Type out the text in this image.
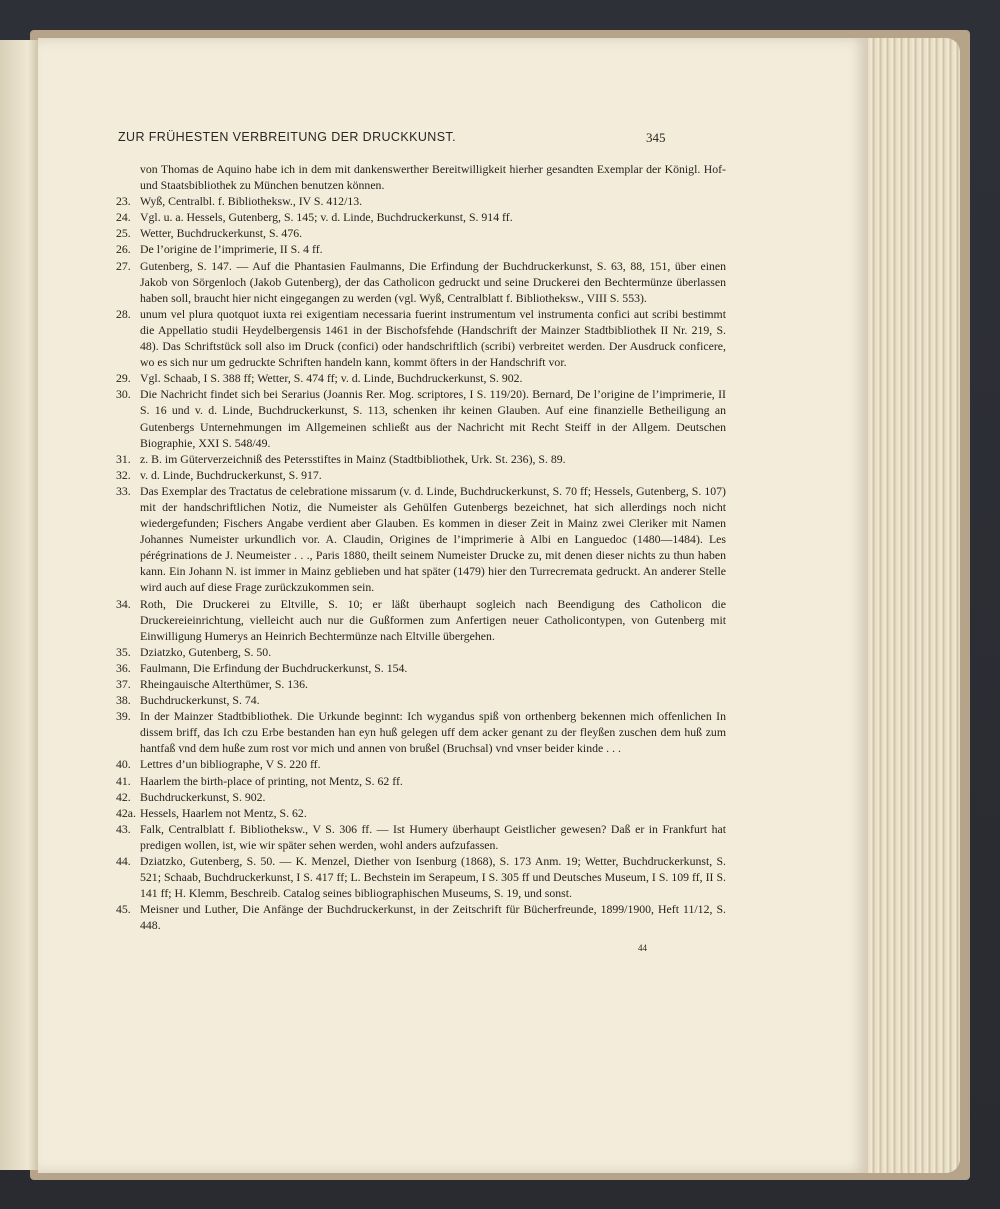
ZUR FRÜHESTEN VERBREITUNG DER DRUCKKUNST.	345
von Thomas de Aquino habe ich in dem mit dankenswerther Bereitwilligkeit hierher gesandten Exemplar der Königl. Hof- und Staatsbibliothek zu München benutzen können.
23. Wyß, Centralbl. f. Bibliotheksw., IV S. 412/13.
24. Vgl. u. a. Hessels, Gutenberg, S. 145; v. d. Linde, Buchdruckerkunst, S. 914 ff.
25. Wetter, Buchdruckerkunst, S. 476.
26. De l’origine de l’imprimerie, II S. 4 ff.
27. Gutenberg, S. 147. — Auf die Phantasien Faulmanns, Die Erfindung der Buchdruckerkunst, S. 63, 88, 151, über einen Jakob von Sörgenloch (Jakob Gutenberg), der das Catholicon gedruckt und seine Druckerei den Bechtermünze überlassen haben soll, braucht hier nicht eingegangen zu werden (vgl. Wyß, Centralblatt f. Bibliotheksw., VIII S. 553).
28. unum vel plura quotquot iuxta rei exigentiam necessaria fuerint instrumentum vel instrumenta confici aut scribi bestimmt die Appellatio studii Heydelbergensis 1461 in der Bischofsfehde (Handschrift der Mainzer Stadtbibliothek II Nr. 219, S. 48). Das Schriftstück soll also im Druck (confici) oder handschriftlich (scribi) verbreitet werden. Der Ausdruck conficere, wo es sich nur um gedruckte Schriften handeln kann, kommt öfters in der Handschrift vor.
29. Vgl. Schaab, I S. 388 ff; Wetter, S. 474 ff; v. d. Linde, Buchdruckerkunst, S. 902.
30. Die Nachricht findet sich bei Serarius (Joannis Rer. Mog. scriptores, I S. 119/20). Bernard, De l’origine de l’imprimerie, II S. 16 und v. d. Linde, Buchdruckerkunst, S. 113, schenken ihr keinen Glauben. Auf eine finanzielle Betheiligung an Gutenbergs Unternehmungen im Allgemeinen schließt aus der Nachricht mit Recht Steiff in der Allgem. Deutschen Biographie, XXI S. 548/49.
31. z. B. im Güterverzeichniß des Petersstiftes in Mainz (Stadtbibliothek, Urk. St. 236), S. 89.
32. v. d. Linde, Buchdruckerkunst, S. 917.
33. Das Exemplar des Tractatus de celebratione missarum (v. d. Linde, Buchdruckerkunst, S. 70 ff; Hessels, Gutenberg, S. 107) mit der handschriftlichen Notiz, die Numeister als Gehülfen Gutenbergs bezeichnet, hat sich allerdings noch nicht wiedergefunden; Fischers Angabe verdient aber Glauben. Es kommen in dieser Zeit in Mainz zwei Cleriker mit Namen Johannes Numeister urkundlich vor. A. Claudin, Origines de l’imprimerie à Albi en Languedoc (1480—1484). Les pérégrinations de J. Neumeister . . ., Paris 1880, theilt seinem Numeister Drucke zu, mit denen dieser nichts zu thun haben kann. Ein Johann N. ist immer in Mainz geblieben und hat später (1479) hier den Turrecremata gedruckt. An anderer Stelle wird auch auf diese Frage zurückzukommen sein.
34. Roth, Die Druckerei zu Eltville, S. 10; er läßt überhaupt sogleich nach Beendigung des Catholicon die Druckereieinrichtung, vielleicht auch nur die Gußformen zum Anfertigen neuer Catholicontypen, von Gutenberg mit Einwilligung Humerys an Heinrich Bechtermünze nach Eltville übergehen.
35. Dziatzko, Gutenberg, S. 50.
36. Faulmann, Die Erfindung der Buchdruckerkunst, S. 154.
37. Rheingauische Alterthümer, S. 136.
38. Buchdruckerkunst, S. 74.
39. In der Mainzer Stadtbibliothek. Die Urkunde beginnt: Ich wygandus spiß von orthenberg bekennen mich offenlichen In dissem briff, das Ich czu Erbe bestanden han eyn huß gelegen uff dem acker genant zu der fleyßen zuschen dem huß zum hantfaß vnd dem huße zum rost vor mich und annen von brußel (Bruchsal) vnd vnser beider kinde . . .
40. Lettres d’un bibliographe, V S. 220 ff.
41. Haarlem the birth-place of printing, not Mentz, S. 62 ff.
42. Buchdruckerkunst, S. 902.
42a. Hessels, Haarlem not Mentz, S. 62.
43. Falk, Centralblatt f. Bibliotheksw., V S. 306 ff. — Ist Humery überhaupt Geistlicher gewesen? Daß er in Frankfurt hat predigen wollen, ist, wie wir später sehen werden, wohl anders aufzufassen.
44. Dziatzko, Gutenberg, S. 50. — K. Menzel, Diether von Isenburg (1868), S. 173 Anm. 19; Wetter, Buchdruckerkunst, S. 521; Schaab, Buchdruckerkunst, I S. 417 ff; L. Bechstein im Serapeum, I S. 305 ff und Deutsches Museum, I S. 109 ff, II S. 141 ff; H. Klemm, Beschreib. Catalog seines bibliographischen Museums, S. 19, und sonst.
45. Meisner und Luther, Die Anfänge der Buchdruckerkunst, in der Zeitschrift für Bücherfreunde, 1899/1900, Heft 11/12, S. 448.
44
